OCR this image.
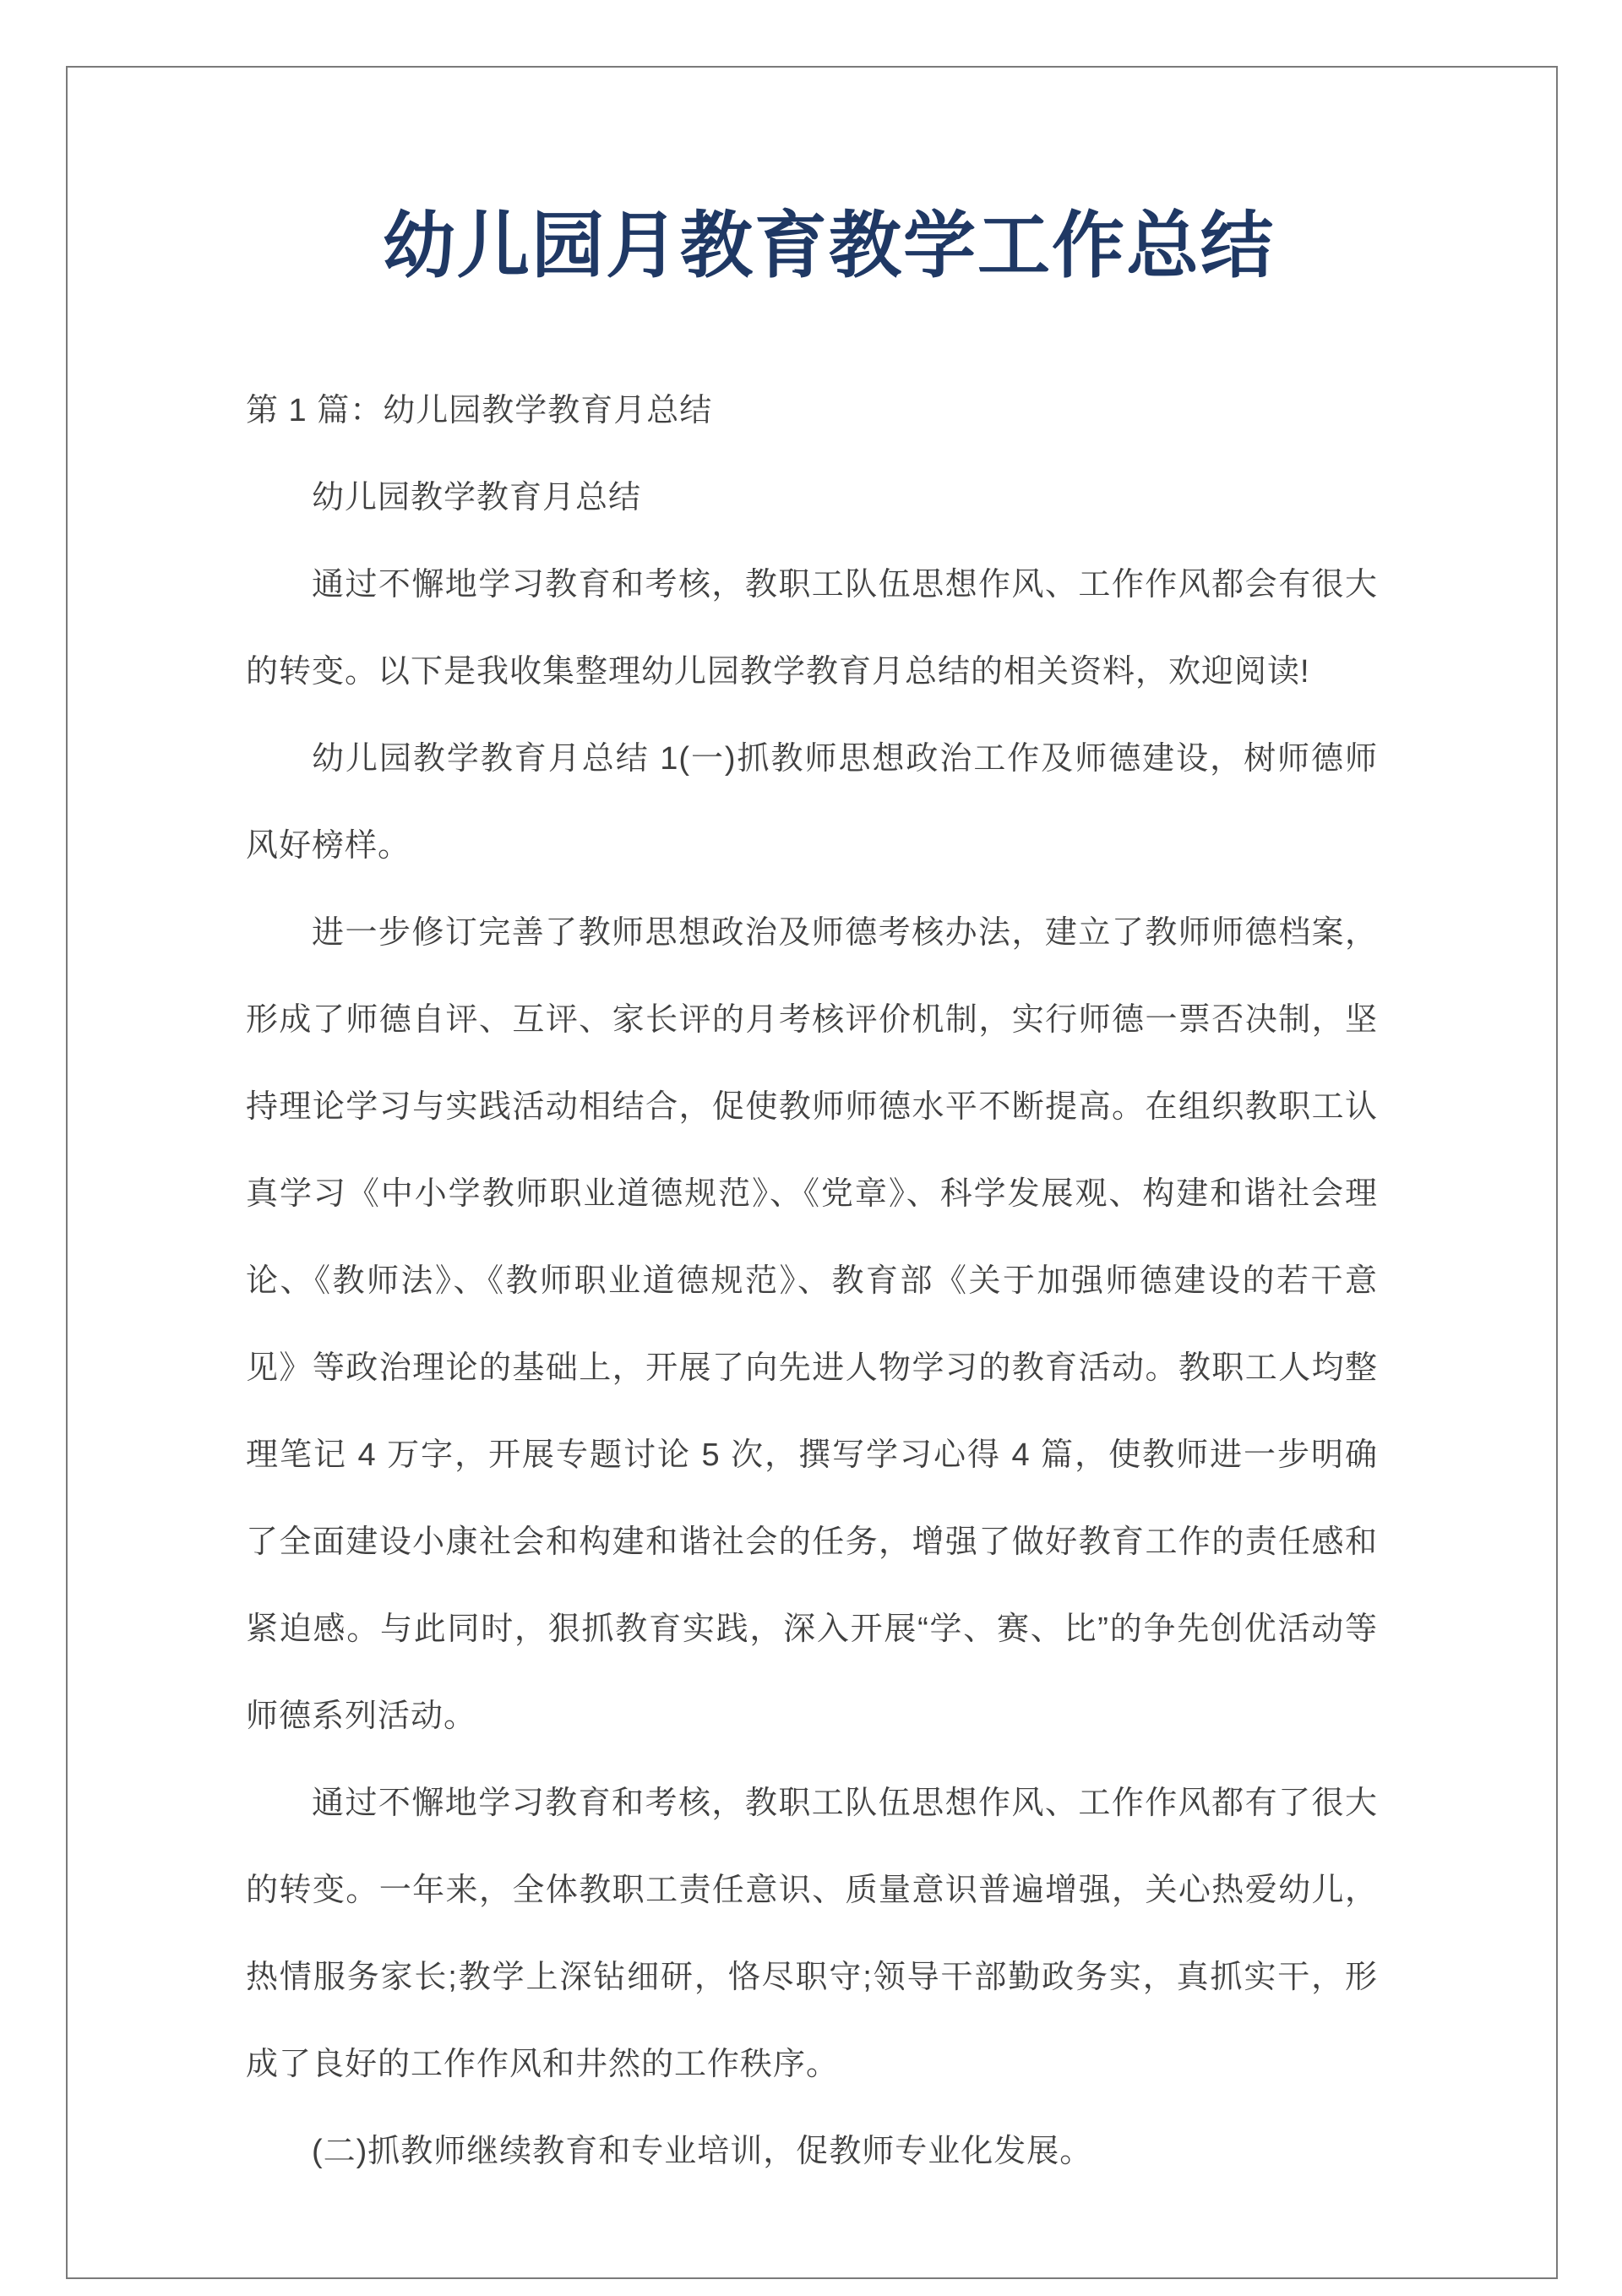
幼儿园月教育教学工作总结

第 1 篇：幼儿园教学教育月总结

幼儿园教学教育月总结

通过不懈地学习教育和考核，教职工队伍思想作风、工作作风都会有很大的转变。以下是我收集整理幼儿园教学教育月总结的相关资料，欢迎阅读!

幼儿园教学教育月总结 1(一)抓教师思想政治工作及师德建设，树师德师风好榜样。

进一步修订完善了教师思想政治及师德考核办法，建立了教师师德档案，形成了师德自评、互评、家长评的月考核评价机制，实行师德一票否决制，坚持理论学习与实践活动相结合，促使教师师德水平不断提高。在组织教职工认真学习《中小学教师职业道德规范》、《党章》、科学发展观、构建和谐社会理论、《教师法》、《教师职业道德规范》、教育部《关于加强师德建设的若干意见》等政治理论的基础上，开展了向先进人物学习的教育活动。教职工人均整理笔记 4 万字，开展专题讨论 5 次，撰写学习心得 4 篇，使教师进一步明确了全面建设小康社会和构建和谐社会的任务，增强了做好教育工作的责任感和紧迫感。与此同时，狠抓教育实践，深入开展“学、赛、比”的争先创优活动等师德系列活动。

通过不懈地学习教育和考核，教职工队伍思想作风、工作作风都有了很大的转变。一年来，全体教职工责任意识、质量意识普遍增强，关心热爱幼儿，热情服务家长;教学上深钻细研，恪尽职守;领导干部勤政务实，真抓实干，形成了良好的工作作风和井然的工作秩序。

(二)抓教师继续教育和专业培训，促教师专业化发展。
